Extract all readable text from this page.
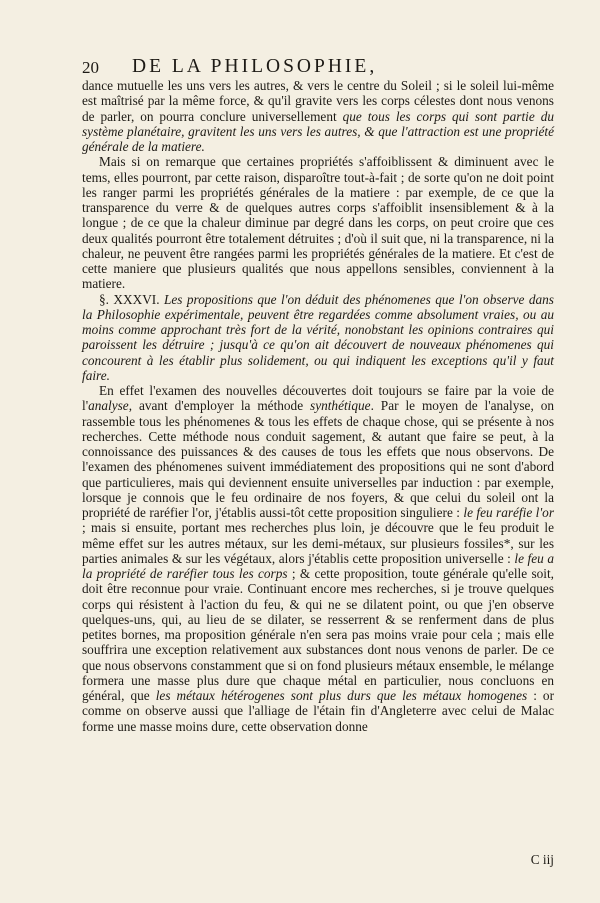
20 DE LA PHILOSOPHIE,

dance mutuelle les uns vers les autres, & vers le centre du Soleil ; si le soleil lui-même est maîtrisé par la même force, & qu'il gravite vers les corps célestes dont nous venons de parler, on pourra conclure universellement que tous les corps qui sont partie du système planétaire, gravitent les uns vers les autres, & que l'attraction est une propriété générale de la matiere.

Mais si on remarque que certaines propriétés s'affoiblissent & diminuent avec le tems, elles pourront, par cette raison, disparoître tout-à-fait ; de sorte qu'on ne doit point les ranger parmi les propriétés générales de la matiere : par exemple, de ce que la transparence du verre & de quelques autres corps s'affoiblit insensiblement & à la longue ; de ce que la chaleur diminue par degré dans les corps, on peut croire que ces deux qualités pourront être totalement détruites ; d'où il suit que, ni la transparence, ni la chaleur, ne peuvent être rangées parmi les propriétés générales de la matiere. Et c'est de cette maniere que plusieurs qualités que nous appellons sensibles, conviennent à la matiere.

§. XXXVI. Les propositions que l'on déduit des phénomenes que l'on observe dans la Philosophie expérimentale, peuvent être regardées comme absolument vraies, ou au moins comme approchant très fort de la vérité, nonobstant les opinions contraires qui paroissent les détruire ; jusqu'à ce qu'on ait découvert de nouveaux phénomenes qui concourent à les établir plus solidement, ou qui indiquent les exceptions qu'il y faut faire.

En effet l'examen des nouvelles découvertes doit toujours se faire par la voie de l'analyse, avant d'employer la méthode synthétique. Par le moyen de l'analyse, on rassemble tous les phénomenes & tous les effets de chaque chose, qui se présente à nos recherches. Cette méthode nous conduit sagement, & autant que faire se peut, à la connoissance des puissances & des causes de tous les effets que nous observons. De l'examen des phénomenes suivent immédiatement des propositions qui ne sont d'abord que particulieres, mais qui deviennent ensuite universelles par induction : par exemple, lorsque je connois que le feu ordinaire de nos foyers, & que celui du soleil ont la propriété de raréfier l'or, j'établis aussi-tôt cette proposition singuliere : le feu raréfie l'or ; mais si ensuite, portant mes recherches plus loin, je découvre que le feu produit le même effet sur les autres métaux, sur les demi-métaux, sur plusieurs fossiles*, sur les parties animales & sur les végétaux, alors j'établis cette proposition universelle : le feu a la propriété de raréfier tous les corps ; & cette proposition, toute générale qu'elle soit, doit être reconnue pour vraie. Continuant encore mes recherches, si je trouve quelques corps qui résistent à l'action du feu, & qui ne se dilatent point, ou que j'en observe quelques-uns, qui, au lieu de se dilater, se resserrent & se renferment dans de plus petites bornes, ma proposition générale n'en sera pas moins vraie pour cela ; mais elle souffrira une exception relativement aux substances dont nous venons de parler. De ce que nous observons constamment que si on fond plusieurs métaux ensemble, le mélange formera une masse plus dure que chaque métal en particulier, nous concluons en général, que les métaux hétérogenes sont plus durs que les métaux homogenes : or comme on observe aussi que l'alliage de l'étain fin d'Angleterre avec celui de Malac forme une masse moins dure, cette observation donne

C iij
